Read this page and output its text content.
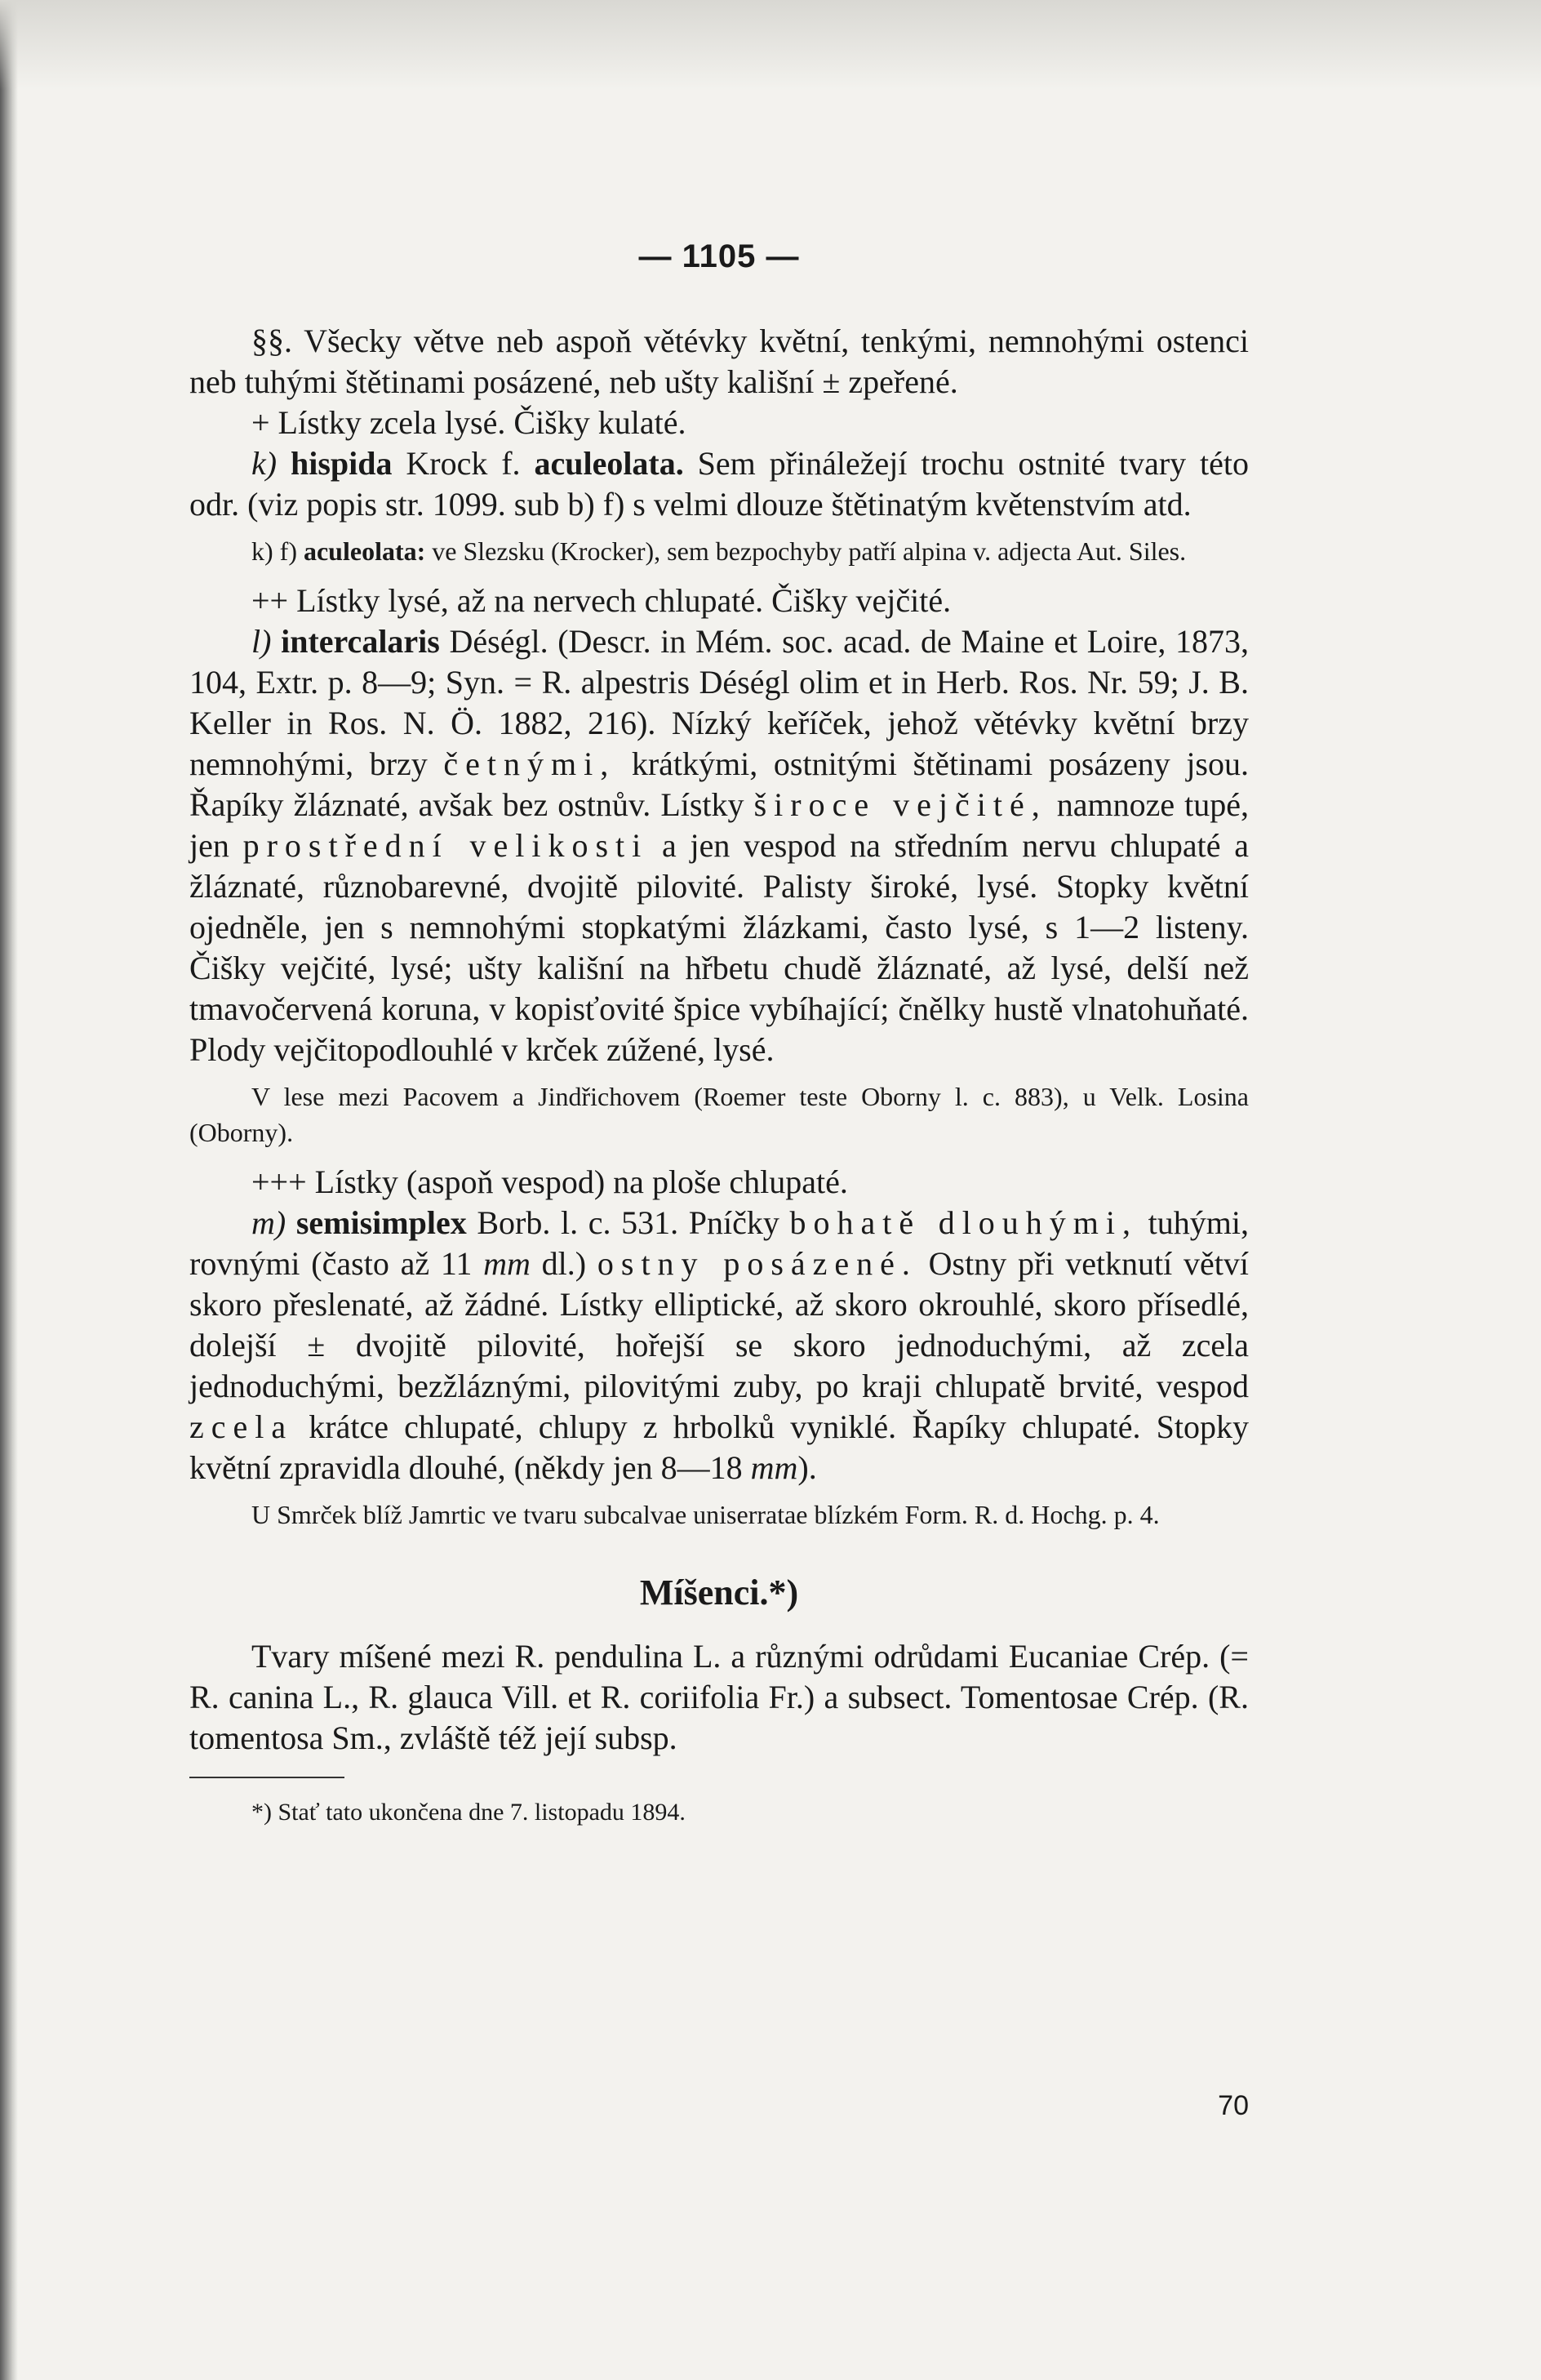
— 1105 —

§§. Všecky větve neb aspoň větévky květní, tenkými, nemnohými ostenci neb tuhými štětinami posázené, neb ušty kališní ± zpeřené.

+ Lístky zcela lysé. Čišky kulaté.

k) hispida Krock f. aculeolata. Sem přináležejí trochu ostnité tvary této odr. (viz popis str. 1099. sub b) f) s velmi dlouze štětinatým květenstvím atd.

k) f) aculeolata: ve Slezsku (Krocker), sem bezpochyby patří alpina v. adjecta Aut. Siles.

++ Lístky lysé, až na nervech chlupaté. Čišky vejčité.

l) intercalaris Déségl. (Descr. in Mém. soc. acad. de Maine et Loire, 1873, 104, Extr. p. 8—9; Syn. = R. alpestris Déségl olim et in Herb. Ros. Nr. 59; J. B. Keller in Ros. N. Ö. 1882, 216). Nízký keříček, jehož větévky květní brzy nemnohými, brzy četnými, krátkými, ostnitými štětinami posázeny jsou. Řapíky žláznaté, avšak bez ostnův. Lístky široce vejčité, namnoze tupé, jen prostřední velikosti a jen vespod na středním nervu chlupaté a žláznaté, různobarevné, dvojitě pilovité. Palisty široké, lysé. Stopky květní ojedněle, jen s nemnohými stopkatými žlázkami, často lysé, s 1—2 listeny. Čišky vejčité, lysé; ušty kališní na hřbetu chudě žláznaté, až lysé, delší než tmavočervená koruna, v kopisťovité špice vybíhající; čnělky hustě vlnatohuňaté. Plody vejčitopodlouhlé v krček zúžené, lysé.

V lese mezi Pacovem a Jindřichovem (Roemer teste Oborny l. c. 883), u Velk. Losina (Oborny).

+++ Lístky (aspoň vespod) na ploše chlupaté.

m) semisimplex Borb. l. c. 531. Pníčky bohatě dlouhými, tuhými, rovnými (často až 11 mm dl.) ostny posázené. Ostny při vetknutí větví skoro přeslenaté, až žádné. Lístky elliptické, až skoro okrouhlé, skoro přísedlé, dolejší ± dvojitě pilovité, hořejší se skoro jednoduchými, až zcela jednoduchými, bezžláznými, pilovitými zuby, po kraji chlupatě brvité, vespod zcela krátce chlupaté, chlupy z hrbolků vyniklé. Řapíky chlupaté. Stopky květní zpravidla dlouhé, (někdy jen 8—18 mm).

U Smrček blíž Jamrtic ve tvaru subcalvae uniserratae blízkém Form. R. d. Hochg. p. 4.

Míšenci.*)

Tvary míšené mezi R. pendulina L. a různými odrůdami Eucaniae Crép. (= R. canina L., R. glauca Vill. et R. coriifolia Fr.) a subsect. Tomentosae Crép. (R. tomentosa Sm., zvláště též její subsp.

*) Stať tato ukončena dne 7. listopadu 1894.

70
